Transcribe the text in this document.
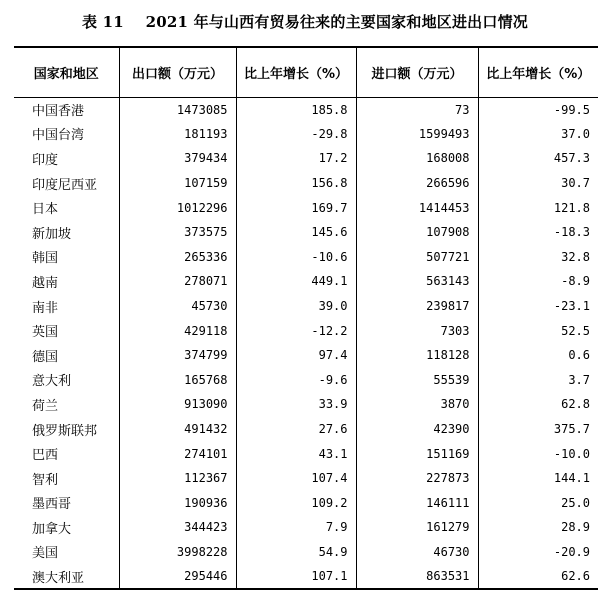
表 11    2021 年与山西有贸易往来的主要国家和地区进出口情况
国家和地区	出口额（万元）	比上年增长（%）	进口额（万元）	比上年增长（%）
中国香港	1473085	185.8	73	-99.5
中国台湾	181193	-29.8	1599493	37.0
印度	379434	17.2	168008	457.3
印度尼西亚	107159	156.8	266596	30.7
日本	1012296	169.7	1414453	121.8
新加坡	373575	145.6	107908	-18.3
韩国	265336	-10.6	507721	32.8
越南	278071	449.1	563143	-8.9
南非	45730	39.0	239817	-23.1
英国	429118	-12.2	7303	52.5
德国	374799	97.4	118128	0.6
意大利	165768	-9.6	55539	3.7
荷兰	913090	33.9	3870	62.8
俄罗斯联邦	491432	27.6	42390	375.7
巴西	274101	43.1	151169	-10.0
智利	112367	107.4	227873	144.1
墨西哥	190936	109.2	146111	25.0
加拿大	344423	7.9	161279	28.9
美国	3998228	54.9	46730	-20.9
澳大利亚	295446	107.1	863531	62.6
